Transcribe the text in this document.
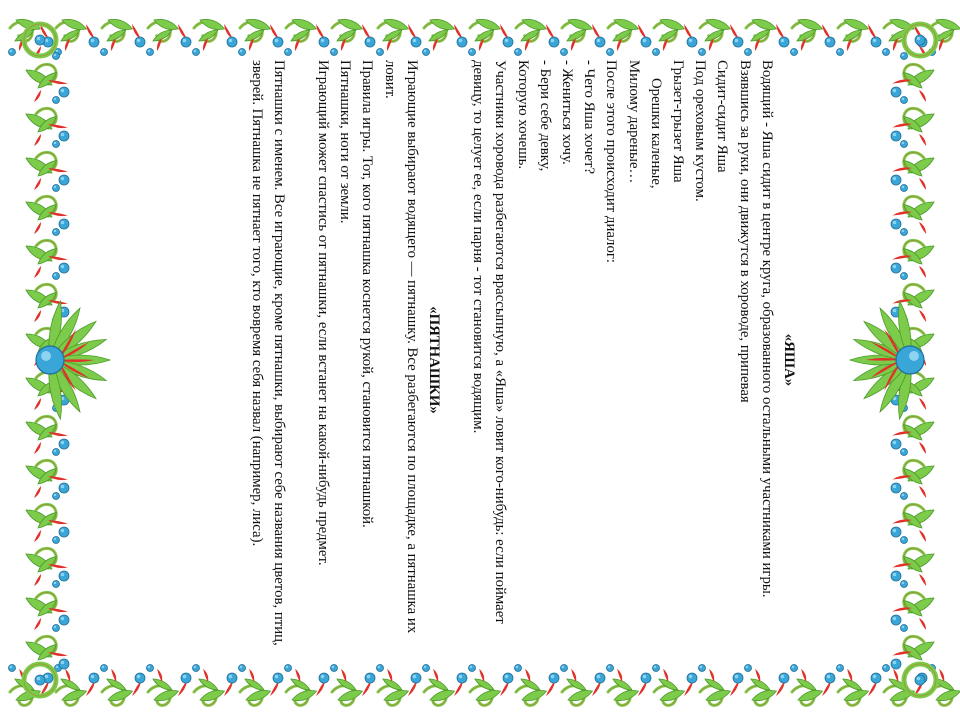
«ЯША»

Водящий - Яша сидит в центре круга, образованного остальными участниками игры. Взявшись за руки, они движутся в хороводе, припевая

Сидит-сидит Яша

Под ореховым кустом.

Грызет-грызет Яша

Орешки каленые,

Милому дареные…

После этого происходит диалог:

- Чего Яша хочет?

- Жениться хочу.

- Бери себе девку,

Которую хочешь.

Участники хоровода разбегаются врассыпную, а «Яша» ловит кого-нибудь: если поймает девицу, то целует ее, если парня - тот становится водящим.

«ПЯТНАШКИ»

Играющие выбирают водящего — пятнашку. Все разбегаются по площадке, а пятнашка их ловит.

Правила игры. Тот, кого пятнашка коснется рукой, становится пятнашкой.

Пятнашки, ноги от земли.

Играющий может спастись от пятнашки, если встанет на какой-нибудь предмет.

Пятнашки с именем. Все играющие, кроме пятнашки, выбирают себе названия цветов, птиц, зверей. Пятнашка не пятнает того, кто вовремя себя назвал (например, лиса).
